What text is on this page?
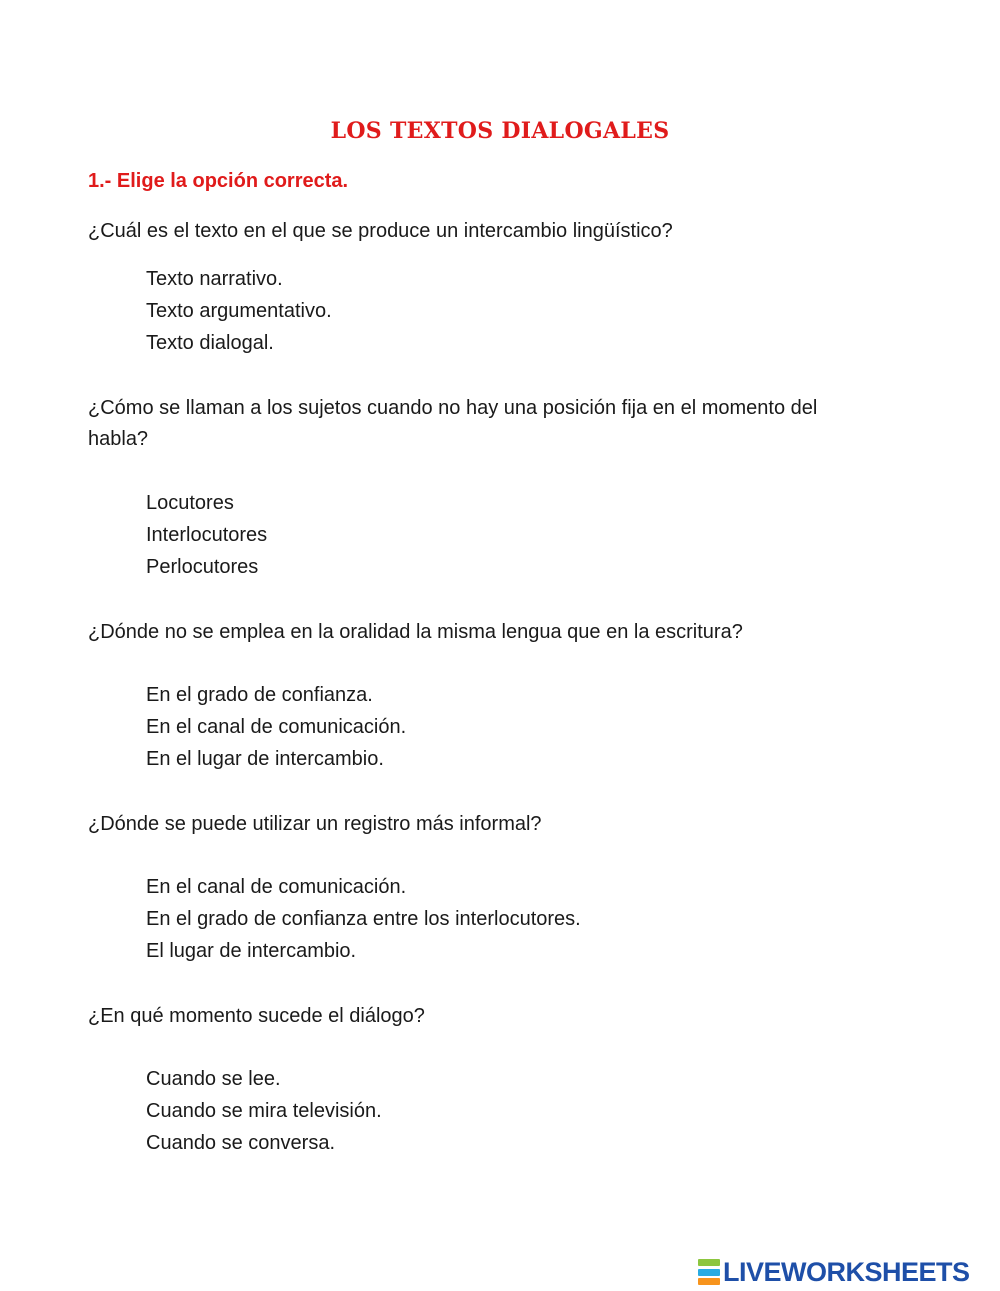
LOS TEXTOS DIALOGALES
1.- Elige la opción correcta.
¿Cuál es el texto en el que se produce un intercambio lingüístico?
Texto narrativo.
Texto argumentativo.
Texto dialogal.
¿Cómo se llaman a los sujetos cuando no hay una posición fija en el momento del habla?
Locutores
Interlocutores
Perlocutores
¿Dónde no se emplea en la oralidad la misma lengua que en la escritura?
En el grado de confianza.
En el canal de comunicación.
En el lugar de intercambio.
¿Dónde se puede utilizar un registro más informal?
En el canal de comunicación.
En el grado de confianza entre los interlocutores.
El lugar de intercambio.
¿En qué momento sucede el diálogo?
Cuando se lee.
Cuando se mira televisión.
Cuando se conversa.
LIVEWORKSHEETS
